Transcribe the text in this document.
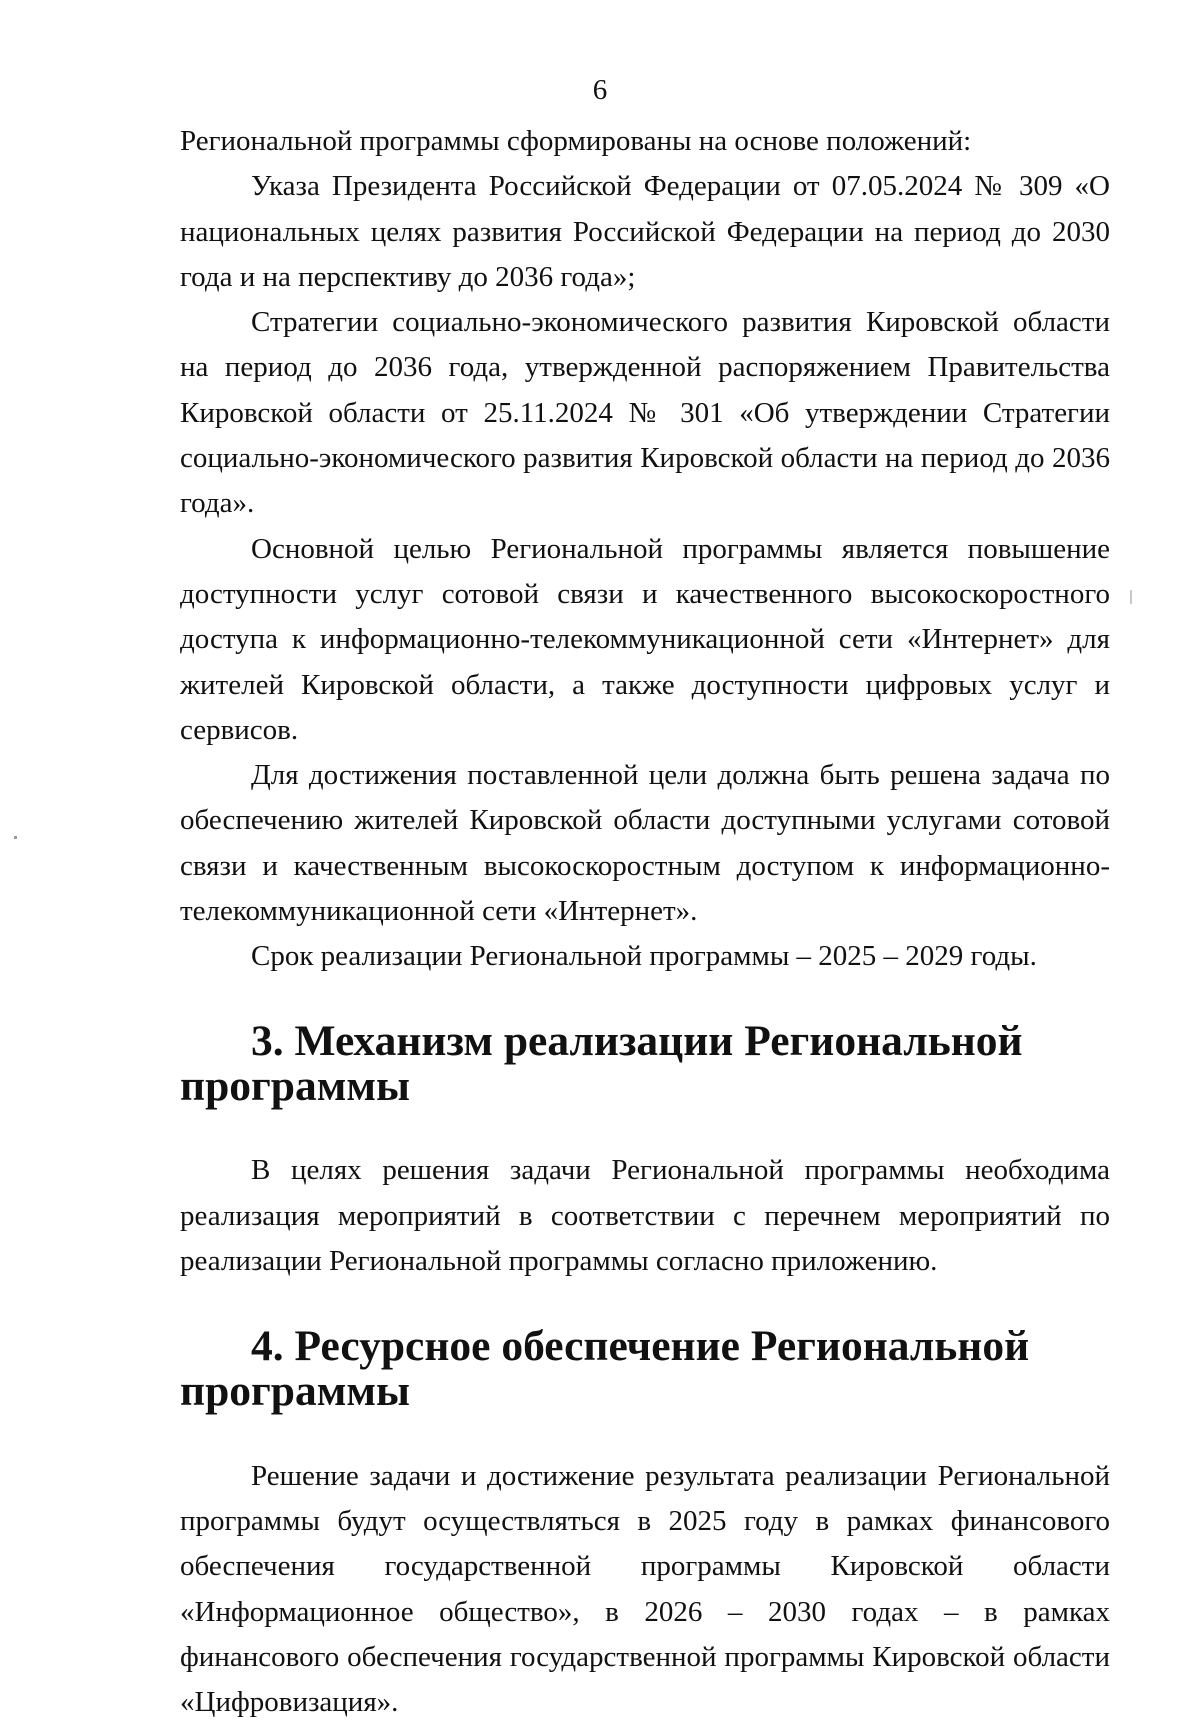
6

Региональной программы сформированы на основе положений:

Указа Президента Российской Федерации от 07.05.2024 № 309 «О национальных целях развития Российской Федерации на период до 2030 года и на перспективу до 2036 года»;

Стратегии социально-экономического развития Кировской области на период до 2036 года, утвержденной распоряжением Правительства Кировской области от 25.11.2024 № 301 «Об утверждении Стратегии социально-экономического развития Кировской области на период до 2036 года».

Основной целью Региональной программы является повышение доступности услуг сотовой связи и качественного высокоскоростного доступа к информационно-телекоммуникационной сети «Интернет» для жителей Кировской области, а также доступности цифровых услуг и сервисов.

Для достижения поставленной цели должна быть решена задача по обеспечению жителей Кировской области доступными услугами сотовой связи и качественным высокоскоростным доступом к информационно-телекоммуникационной сети «Интернет».

Срок реализации Региональной программы – 2025 – 2029 годы.

3. Механизм реализации Региональной программы

В целях решения задачи Региональной программы необходима реализация мероприятий в соответствии с перечнем мероприятий по реализации Региональной программы согласно приложению.

4. Ресурсное обеспечение Региональной программы

Решение задачи и достижение результата реализации Региональной программы будут осуществляться в 2025 году в рамках финансового обеспечения государственной программы Кировской области «Информационное общество», в 2026 – 2030 годах – в рамках финансового обеспечения государственной программы Кировской области «Цифровизация».
